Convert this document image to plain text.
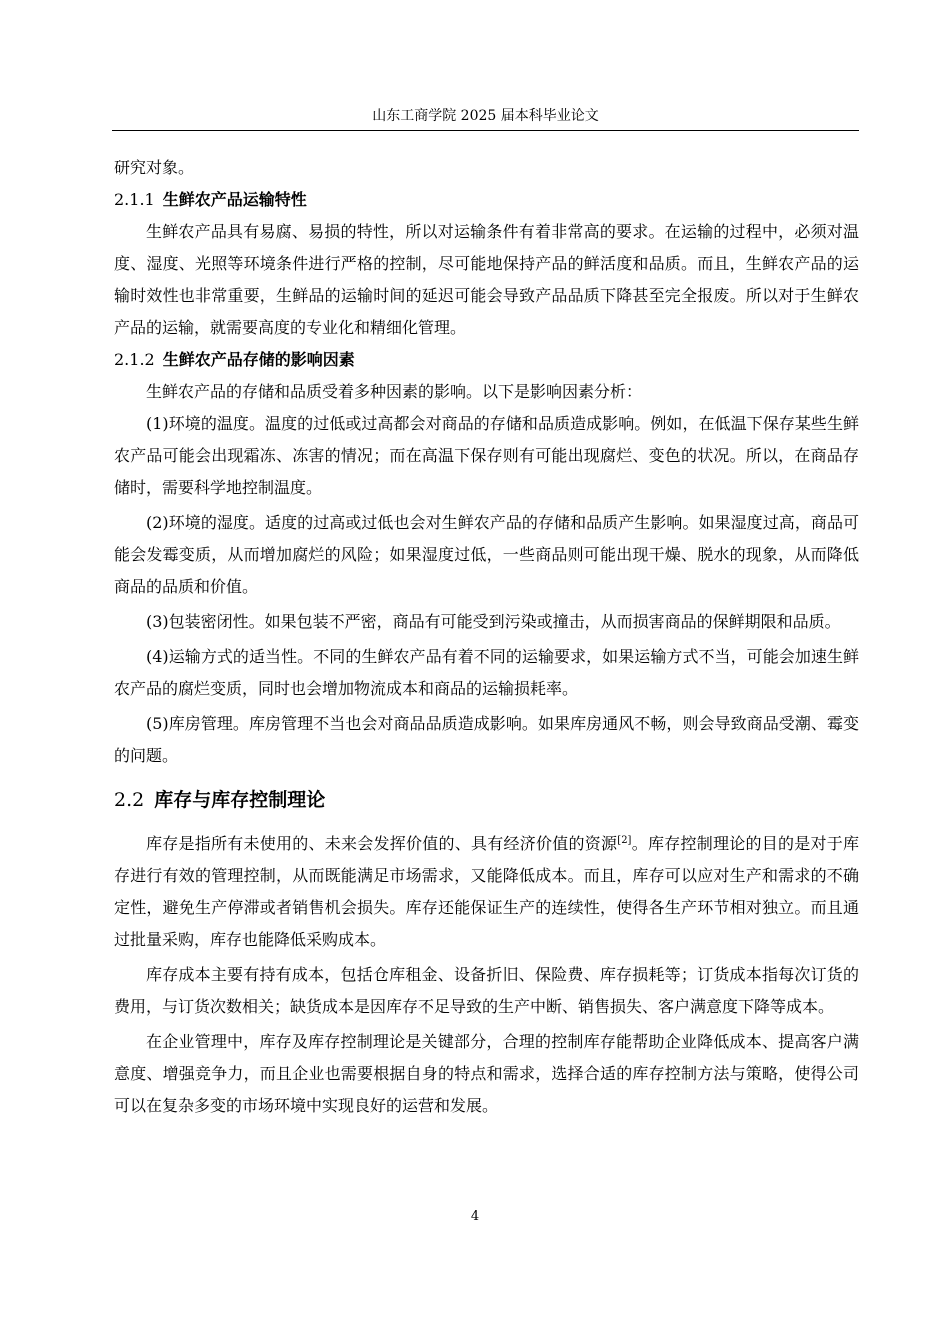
山东工商学院 2025 届本科毕业论文

研究对象。

2.1.1 生鲜农产品运输特性

生鲜农产品具有易腐、易损的特性，所以对运输条件有着非常高的要求。在运输的过程中，必须对温度、湿度、光照等环境条件进行严格的控制，尽可能地保持产品的鲜活度和品质。而且，生鲜农产品的运输时效性也非常重要，生鲜品的运输时间的延迟可能会导致产品品质下降甚至完全报废。所以对于生鲜农产品的运输，就需要高度的专业化和精细化管理。

2.1.2 生鲜农产品存储的影响因素

生鲜农产品的存储和品质受着多种因素的影响。以下是影响因素分析：

(1)环境的温度。温度的过低或过高都会对商品的存储和品质造成影响。例如，在低温下保存某些生鲜农产品可能会出现霜冻、冻害的情况；而在高温下保存则有可能出现腐烂、变色的状况。所以，在商品存储时，需要科学地控制温度。

(2)环境的湿度。适度的过高或过低也会对生鲜农产品的存储和品质产生影响。如果湿度过高，商品可能会发霉变质，从而增加腐烂的风险；如果湿度过低，一些商品则可能出现干燥、脱水的现象，从而降低商品的品质和价值。

(3)包装密闭性。如果包装不严密，商品有可能受到污染或撞击，从而损害商品的保鲜期限和品质。

(4)运输方式的适当性。不同的生鲜农产品有着不同的运输要求，如果运输方式不当，可能会加速生鲜农产品的腐烂变质，同时也会增加物流成本和商品的运输损耗率。

(5)库房管理。库房管理不当也会对商品品质造成影响。如果库房通风不畅，则会导致商品受潮、霉变的问题。

2.2 库存与库存控制理论

库存是指所有未使用的、未来会发挥价值的、具有经济价值的资源[2]。库存控制理论的目的是对于库存进行有效的管理控制，从而既能满足市场需求，又能降低成本。而且，库存可以应对生产和需求的不确定性，避免生产停滞或者销售机会损失。库存还能保证生产的连续性，使得各生产环节相对独立。而且通过批量采购，库存也能降低采购成本。

库存成本主要有持有成本，包括仓库租金、设备折旧、保险费、库存损耗等；订货成本指每次订货的费用，与订货次数相关；缺货成本是因库存不足导致的生产中断、销售损失、客户满意度下降等成本。

在企业管理中，库存及库存控制理论是关键部分，合理的控制库存能帮助企业降低成本、提高客户满意度、增强竞争力，而且企业也需要根据自身的特点和需求，选择合适的库存控制方法与策略，使得公司可以在复杂多变的市场环境中实现良好的运营和发展。

4
